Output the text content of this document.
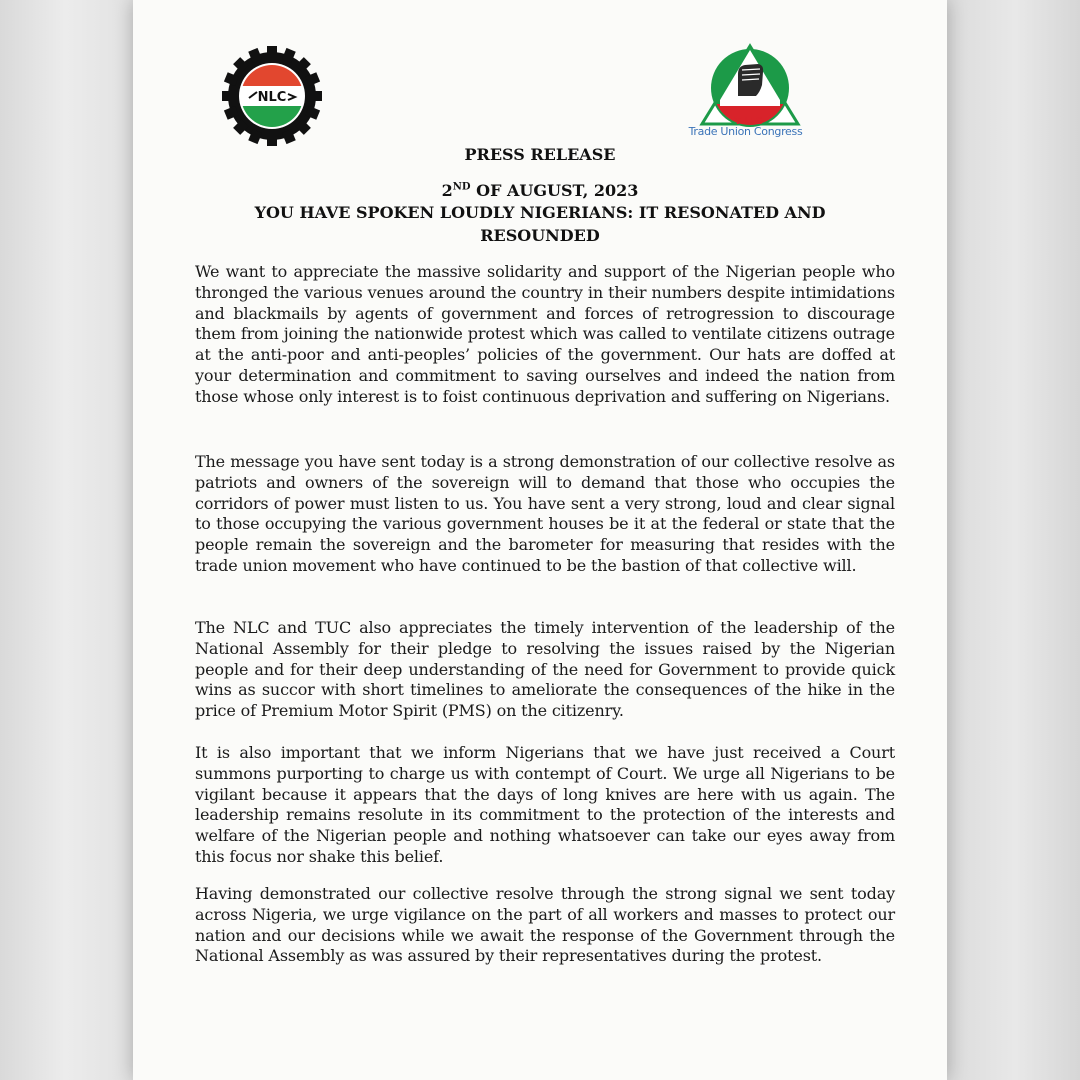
NLC
TUC
Trade Union Congress
PRESS RELEASE
2ND OF AUGUST, 2023
YOU HAVE SPOKEN LOUDLY NIGERIANS: IT RESONATED AND RESOUNDED

We want to appreciate the massive solidarity and support of the Nigerian people who thronged the various venues around the country in their numbers despite intimidations and blackmails by agents of government and forces of retrogression to discourage them from joining the nationwide protest which was called to ventilate citizens outrage at the anti-poor and anti-peoples’ policies of the government. Our hats are doffed at your determination and commitment to saving ourselves and indeed the nation from those whose only interest is to foist continuous deprivation and suffering on Nigerians.

The message you have sent today is a strong demonstration of our collective resolve as patriots and owners of the sovereign will to demand that those who occupies the corridors of power must listen to us. You have sent a very strong, loud and clear signal to those occupying the various government houses be it at the federal or state that the people remain the sovereign and the barometer for measuring that resides with the trade union movement who have continued to be the bastion of that collective will.

The NLC and TUC also appreciates the timely intervention of the leadership of the National Assembly for their pledge to resolving the issues raised by the Nigerian people and for their deep understanding of the need for Government to provide quick wins as succor with short timelines to ameliorate the consequences of the hike in the price of Premium Motor Spirit (PMS) on the citizenry.

It is also important that we inform Nigerians that we have just received a Court summons purporting to charge us with contempt of Court. We urge all Nigerians to be vigilant because it appears that the days of long knives are here with us again. The leadership remains resolute in its commitment to the protection of the interests and welfare of the Nigerian people and nothing whatsoever can take our eyes away from this focus nor shake this belief.

Having demonstrated our collective resolve through the strong signal we sent today across Nigeria, we urge vigilance on the part of all workers and masses to protect our nation and our decisions while we await the response of the Government through the National Assembly as was assured by their representatives during the protest.
